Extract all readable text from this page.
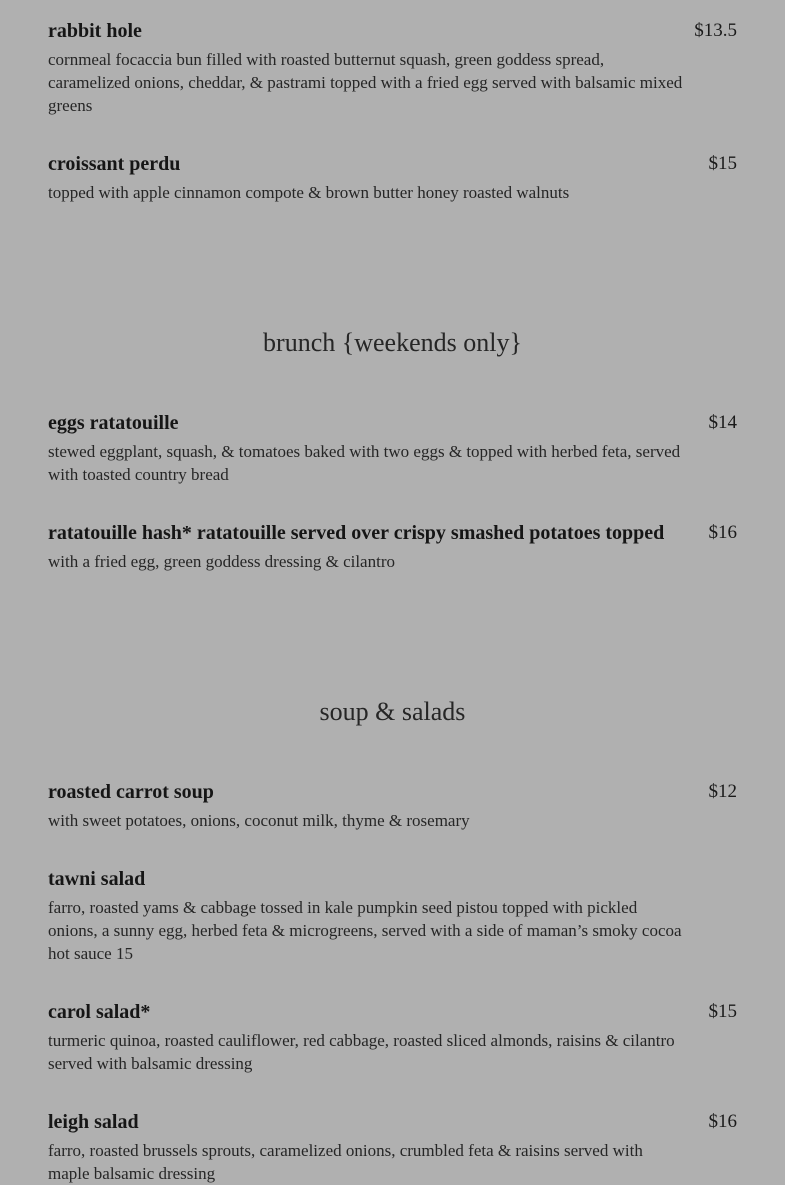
rabbit hole	$13.5
cornmeal focaccia bun filled with roasted butternut squash, green goddess spread, caramelized onions, cheddar, & pastrami topped with a fried egg served with balsamic mixed greens
croissant perdu	$15
topped with apple cinnamon compote & brown butter honey roasted walnuts
brunch {weekends only}
eggs ratatouille	$14
stewed eggplant, squash, & tomatoes baked with two eggs & topped with herbed feta, served with toasted country bread
ratatouille hash* ratatouille served over crispy smashed potatoes topped $16
with a fried egg, green goddess dressing & cilantro
soup & salads
roasted carrot soup	$12
with sweet potatoes, onions, coconut milk, thyme & rosemary
tawni salad
farro, roasted yams & cabbage tossed in kale pumpkin seed pistou topped with pickled onions, a sunny egg, herbed feta & microgreens, served with a side of maman’s smoky cocoa hot sauce 15
carol salad*	$15
turmeric quinoa, roasted cauliflower, red cabbage, roasted sliced almonds, raisins & cilantro served with balsamic dressing
leigh salad	$16
farro, roasted brussels sprouts, caramelized onions, crumbled feta & raisins served with maple balsamic dressing
